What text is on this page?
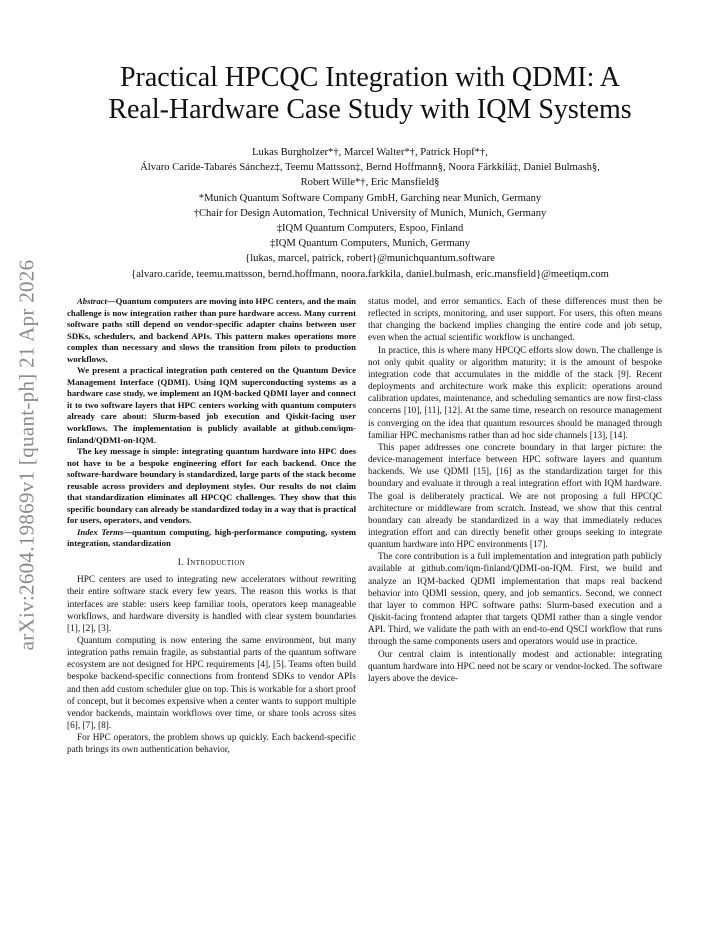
arXiv:2604.19869v1 [quant-ph] 21 Apr 2026
Practical HPCQC Integration with QDMI: A
Real-Hardware Case Study with IQM Systems
Lukas Burgholzer*†, Marcel Walter*†, Patrick Hopf*†,
Álvaro Caride-Tabarés Sánchez‡, Teemu Mattsson‡, Bernd Hoffmann§, Noora Färkkilä‡, Daniel Bulmash§,
Robert Wille*†, Eric Mansfield§
*Munich Quantum Software Company GmbH, Garching near Munich, Germany
†Chair for Design Automation, Technical University of Munich, Munich, Germany
‡IQM Quantum Computers, Espoo, Finland
‡IQM Quantum Computers, Munich, Germany
{lukas, marcel, patrick, robert}@munichquantum.software
{alvaro.caride, teemu.mattsson, bernd.hoffmann, noora.farkkila, daniel.bulmash, eric.mansfield}@meetiqm.com

Abstract—Quantum computers are moving into HPC centers, and the main challenge is now integration rather than pure hardware access. Many current software paths still depend on vendor-specific adapter chains between user SDKs, schedulers, and backend APIs. This pattern makes operations more complex than necessary and slows the transition from pilots to production workflows.

We present a practical integration path centered on the Quantum Device Management Interface (QDMI). Using IQM superconducting systems as a hardware case study, we implement an IQM-backed QDMI layer and connect it to two software layers that HPC centers working with quantum computers already care about: Slurm-based job execution and Qiskit-facing user workflows. The implementation is publicly available at github.com/iqm-finland/QDMI-on-IQM.

The key message is simple: integrating quantum hardware into HPC does not have to be a bespoke engineering effort for each backend. Once the software-hardware boundary is standardized, large parts of the stack become reusable across providers and deployment styles. Our results do not claim that standardization eliminates all HPCQC challenges. They show that this specific boundary can already be standardized today in a way that is practical for users, operators, and vendors.

Index Terms—quantum computing, high-performance computing, system integration, standardization

I. Introduction

HPC centers are used to integrating new accelerators without rewriting their entire software stack every few years. The reason this works is that interfaces are stable: users keep familiar tools, operators keep manageable workflows, and hardware diversity is handled with clear system boundaries [1], [2], [3].

Quantum computing is now entering the same environment, but many integration paths remain fragile, as substantial parts of the quantum software ecosystem are not designed for HPC requirements [4], [5]. Teams often build bespoke backend-specific connections from frontend SDKs to vendor APIs and then add custom scheduler glue on top. This is workable for a short proof of concept, but it becomes expensive when a center wants to support multiple vendor backends, maintain workflows over time, or share tools across sites [6], [7], [8].

For HPC operators, the problem shows up quickly. Each backend-specific path brings its own authentication behavior,

status model, and error semantics. Each of these differences must then be reflected in scripts, monitoring, and user support. For users, this often means that changing the backend implies changing the entire code and job setup, even when the actual scientific workflow is unchanged.

In practice, this is where many HPCQC efforts slow down. The challenge is not only qubit quality or algorithm maturity; it is the amount of bespoke integration code that accumulates in the middle of the stack [9]. Recent deployments and architecture work make this explicit: operations around calibration updates, maintenance, and scheduling semantics are now first-class concerns [10], [11], [12]. At the same time, research on resource management is converging on the idea that quantum resources should be managed through familiar HPC mechanisms rather than ad hoc side channels [13], [14].

This paper addresses one concrete boundary in that larger picture: the device-management interface between HPC software layers and quantum backends. We use QDMI [15], [16] as the standardization target for this boundary and evaluate it through a real integration effort with IQM hardware. The goal is deliberately practical. We are not proposing a full HPCQC architecture or middleware from scratch. Instead, we show that this central boundary can already be standardized in a way that immediately reduces integration effort and can directly benefit other groups seeking to integrate quantum hardware into HPC environments [17].

The core contribution is a full implementation and integration path publicly available at github.com/iqm-finland/QDMI-on-IQM. First, we build and analyze an IQM-backed QDMI implementation that maps real backend behavior into QDMI session, query, and job semantics. Second, we connect that layer to common HPC software paths: Slurm-based execution and a Qiskit-facing frontend adapter that targets QDMI rather than a single vendor API. Third, we validate the path with an end-to-end QSCI workflow that runs through the same components users and operators would use in practice.

Our central claim is intentionally modest and actionable: integrating quantum hardware into HPC need not be scary or vendor-locked. The software layers above the device-
